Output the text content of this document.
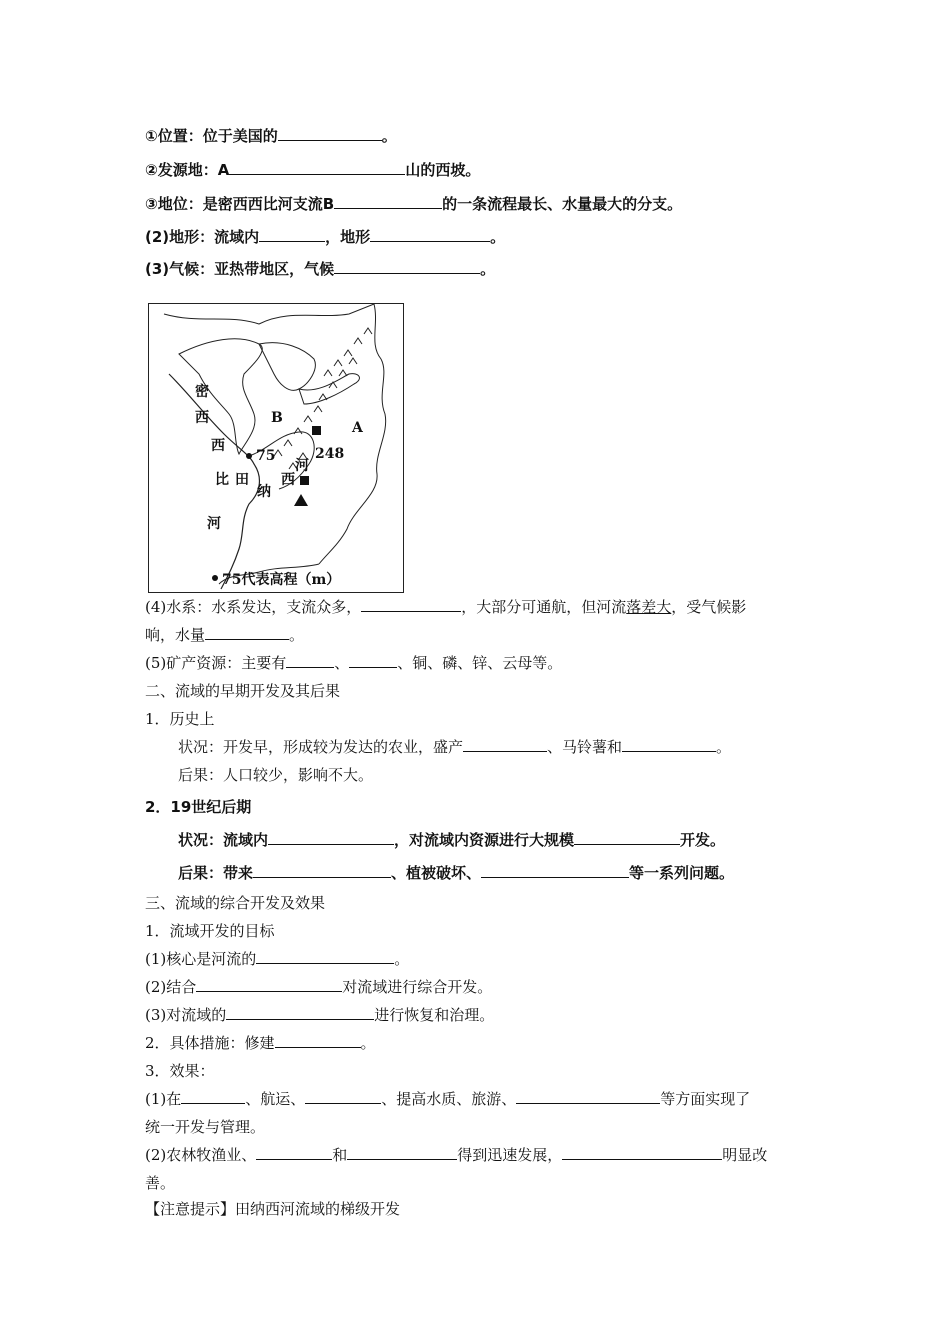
①位置：位于美国的	。
②发源地：A	山的西坡。
③地位：是密西西比河支流B	的一条流程最长、水量最大的分支。
(2)地形：流域内	，地形	。
(3)气候：亚热带地区，气候	。
密
西
西
比
河
B
A
75	248
田
纳
西
河
75代表高程（m）
(4)水系：水系发达，支流众多，	，大部分可通航，但河流落差大，受气候影
响，水量	。
(5)矿产资源：主要有	、	、铜、磷、锌、云母等。
二、流域的早期开发及其后果
1．历史上
状况：开发早，形成较为发达的农业，盛产	、马铃薯和	。
后果：人口较少，影响不大。
2．19世纪后期
状况：流域内	，对流域内资源进行大规模	开发。
后果：带来	、植被破坏、	等一系列问题。
三、流域的综合开发及效果
1．流域开发的目标
(1)核心是河流的	。
(2)结合	对流域进行综合开发。
(3)对流域的	进行恢复和治理。
2．具体措施：修建	。
3．效果：
(1)在	、航运、	、提高水质、旅游、	等方面实现了
统一开发与管理。
(2)农林牧渔业、	和	得到迅速发展，	明显改
善。
【注意提示】田纳西河流域的梯级开发
